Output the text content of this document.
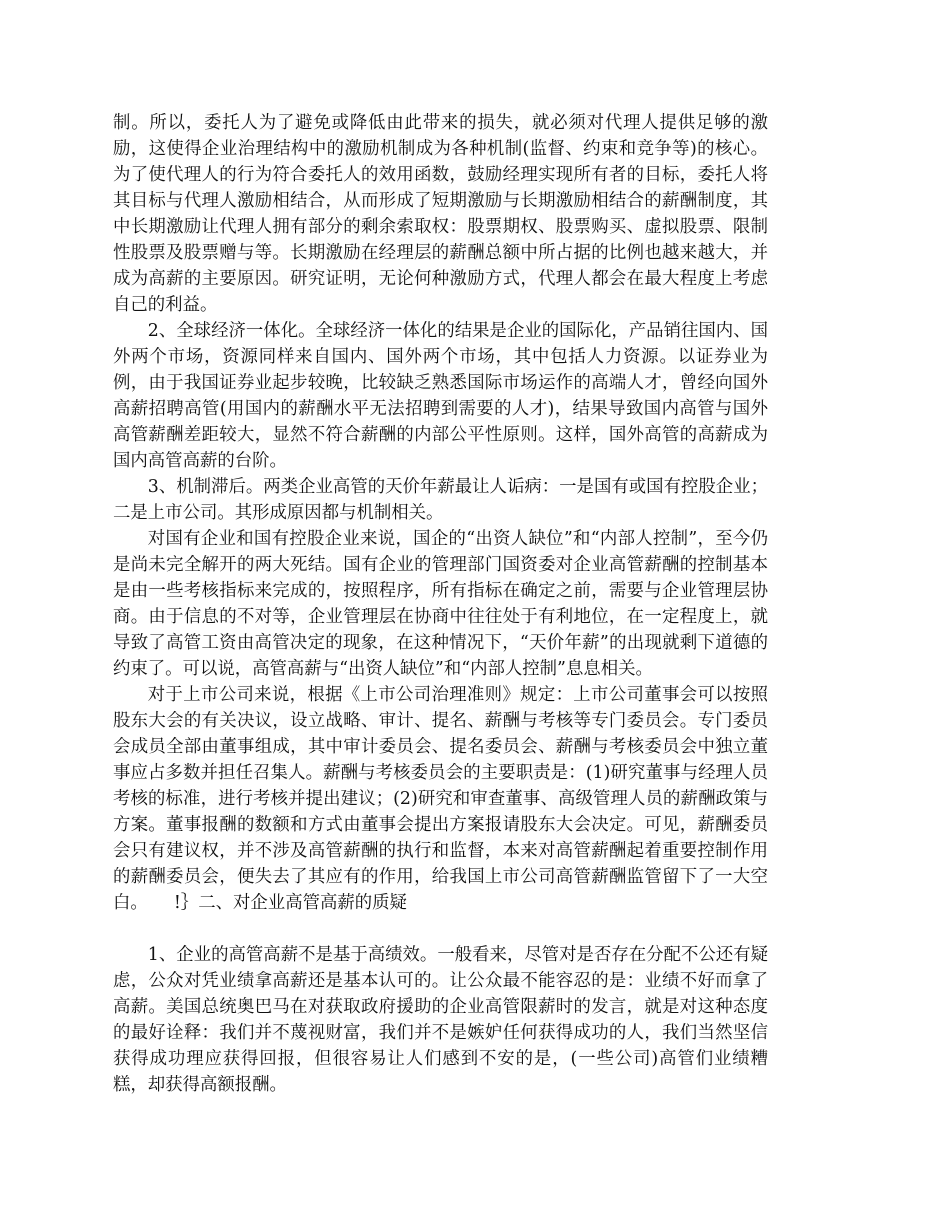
制。所以，委托人为了避免或降低由此带来的损失，就必须对代理人提供足够的激励，这使得企业治理结构中的激励机制成为各种机制(监督、约束和竞争等)的核心。为了使代理人的行为符合委托人的效用函数，鼓励经理实现所有者的目标，委托人将其目标与代理人激励相结合，从而形成了短期激励与长期激励相结合的薪酬制度，其中长期激励让代理人拥有部分的剩余索取权：股票期权、股票购买、虚拟股票、限制性股票及股票赠与等。长期激励在经理层的薪酬总额中所占据的比例也越来越大，并成为高薪的主要原因。研究证明，无论何种激励方式，代理人都会在最大程度上考虑自己的利益。

2、全球经济一体化。全球经济一体化的结果是企业的国际化，产品销往国内、国外两个市场，资源同样来自国内、国外两个市场，其中包括人力资源。以证券业为例，由于我国证券业起步较晚，比较缺乏熟悉国际市场运作的高端人才，曾经向国外高薪招聘高管(用国内的薪酬水平无法招聘到需要的人才)，结果导致国内高管与国外高管薪酬差距较大，显然不符合薪酬的内部公平性原则。这样，国外高管的高薪成为国内高管高薪的台阶。

3、机制滞后。两类企业高管的天价年薪最让人诟病：一是国有或国有控股企业；二是上市公司。其形成原因都与机制相关。

对国有企业和国有控股企业来说，国企的“出资人缺位”和“内部人控制”，至今仍是尚未完全解开的两大死结。国有企业的管理部门国资委对企业高管薪酬的控制基本是由一些考核指标来完成的，按照程序，所有指标在确定之前，需要与企业管理层协商。由于信息的不对等，企业管理层在协商中往往处于有利地位，在一定程度上，就导致了高管工资由高管决定的现象，在这种情况下，“天价年薪”的出现就剩下道德的约束了。可以说，高管高薪与“出资人缺位”和“内部人控制”息息相关。

对于上市公司来说，根据《上市公司治理准则》规定：上市公司董事会可以按照股东大会的有关决议，设立战略、审计、提名、薪酬与考核等专门委员会。专门委员会成员全部由董事组成，其中审计委员会、提名委员会、薪酬与考核委员会中独立董事应占多数并担任召集人。薪酬与考核委员会的主要职责是：(1)研究董事与经理人员考核的标准，进行考核并提出建议；(2)研究和审查董事、高级管理人员的薪酬政策与方案。董事报酬的数额和方式由董事会提出方案报请股东大会决定。可见，薪酬委员会只有建议权，并不涉及高管薪酬的执行和监督，本来对高管薪酬起着重要控制作用的薪酬委员会，便失去了其应有的作用，给我国上市公司高管薪酬监管留下了一大空白。　　!｝二、对企业高管高薪的质疑

1、企业的高管高薪不是基于高绩效。一般看来，尽管对是否存在分配不公还有疑虑，公众对凭业绩拿高薪还是基本认可的。让公众最不能容忍的是：业绩不好而拿了高薪。美国总统奥巴马在对获取政府援助的企业高管限薪时的发言，就是对这种态度的最好诠释：我们并不蔑视财富，我们并不是嫉妒任何获得成功的人，我们当然坚信获得成功理应获得回报，但很容易让人们感到不安的是，(一些公司)高管们业绩糟糕，却获得高额报酬。
